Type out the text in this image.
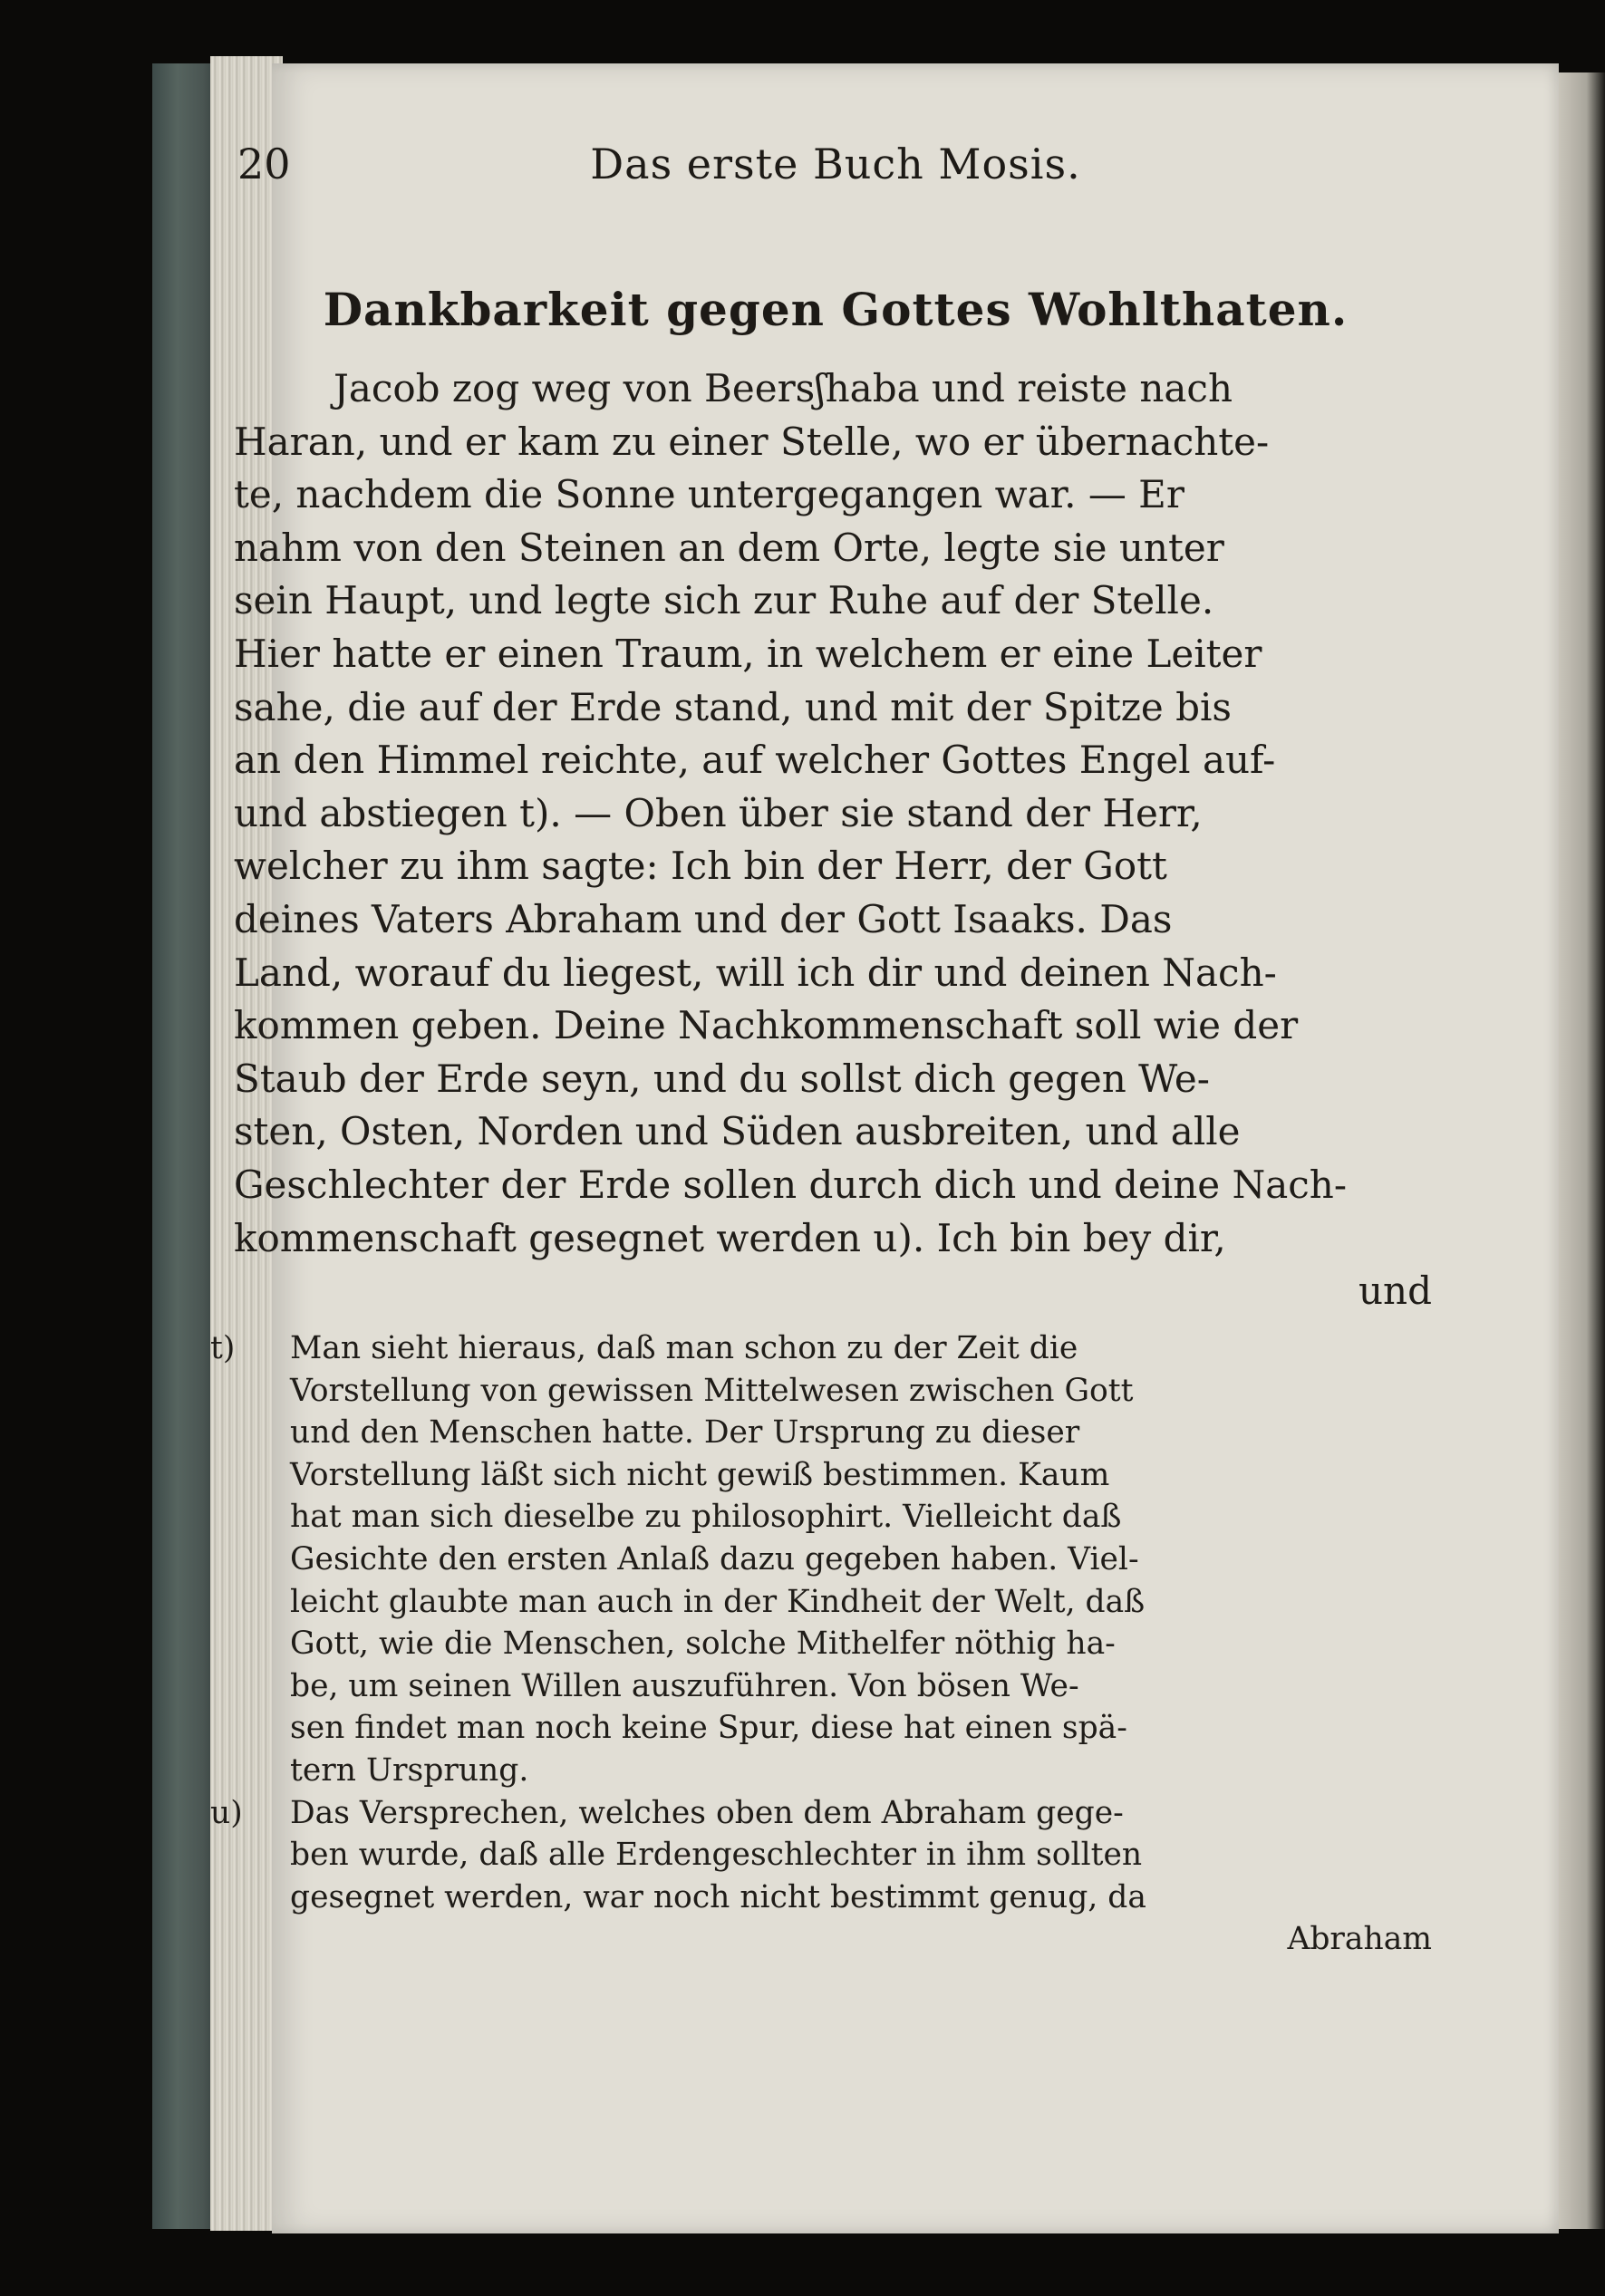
20	Das erste Buch Mosis.
Dankbarkeit gegen Gottes Wohlthaten.
Jacob zog weg von Beersʃhaba und reiste nach
Haran, und er kam zu einer Stelle, wo er übernachte-
te, nachdem die Sonne untergegangen war. — Er
nahm von den Steinen an dem Orte, legte sie unter
sein Haupt, und legte sich zur Ruhe auf der Stelle.
Hier hatte er einen Traum, in welchem er eine Leiter
sahe, die auf der Erde stand, und mit der Spitze bis
an den Himmel reichte, auf welcher Gottes Engel auf-
und abstiegen t). — Oben über sie stand der Herr,
welcher zu ihm sagte: Ich bin der Herr, der Gott
deines Vaters Abraham und der Gott Isaaks. Das
Land, worauf du liegest, will ich dir und deinen Nach-
kommen geben. Deine Nachkommenschaft soll wie der
Staub der Erde seyn, und du sollst dich gegen We-
sten, Osten, Norden und Süden ausbreiten, und alle
Geschlechter der Erde sollen durch dich und deine Nach-
kommenschaft gesegnet werden u). Ich bin bey dir,
und
t) Man sieht hieraus, daß man schon zu der Zeit die
Vorstellung von gewissen Mittelwesen zwischen Gott
und den Menschen hatte. Der Ursprung zu dieser
Vorstellung läßt sich nicht gewiß bestimmen. Kaum
hat man sich dieselbe zu philosophirt. Vielleicht daß
Gesichte den ersten Anlaß dazu gegeben haben. Viel-
leicht glaubte man auch in der Kindheit der Welt, daß
Gott, wie die Menschen, solche Mithelfer nöthig ha-
be, um seinen Willen auszuführen. Von bösen We-
sen findet man noch keine Spur, diese hat einen spä-
tern Ursprung.
u) Das Versprechen, welches oben dem Abraham gege-
ben wurde, daß alle Erdengeschlechter in ihm sollten
gesegnet werden, war noch nicht bestimmt genug, da
Abraham
